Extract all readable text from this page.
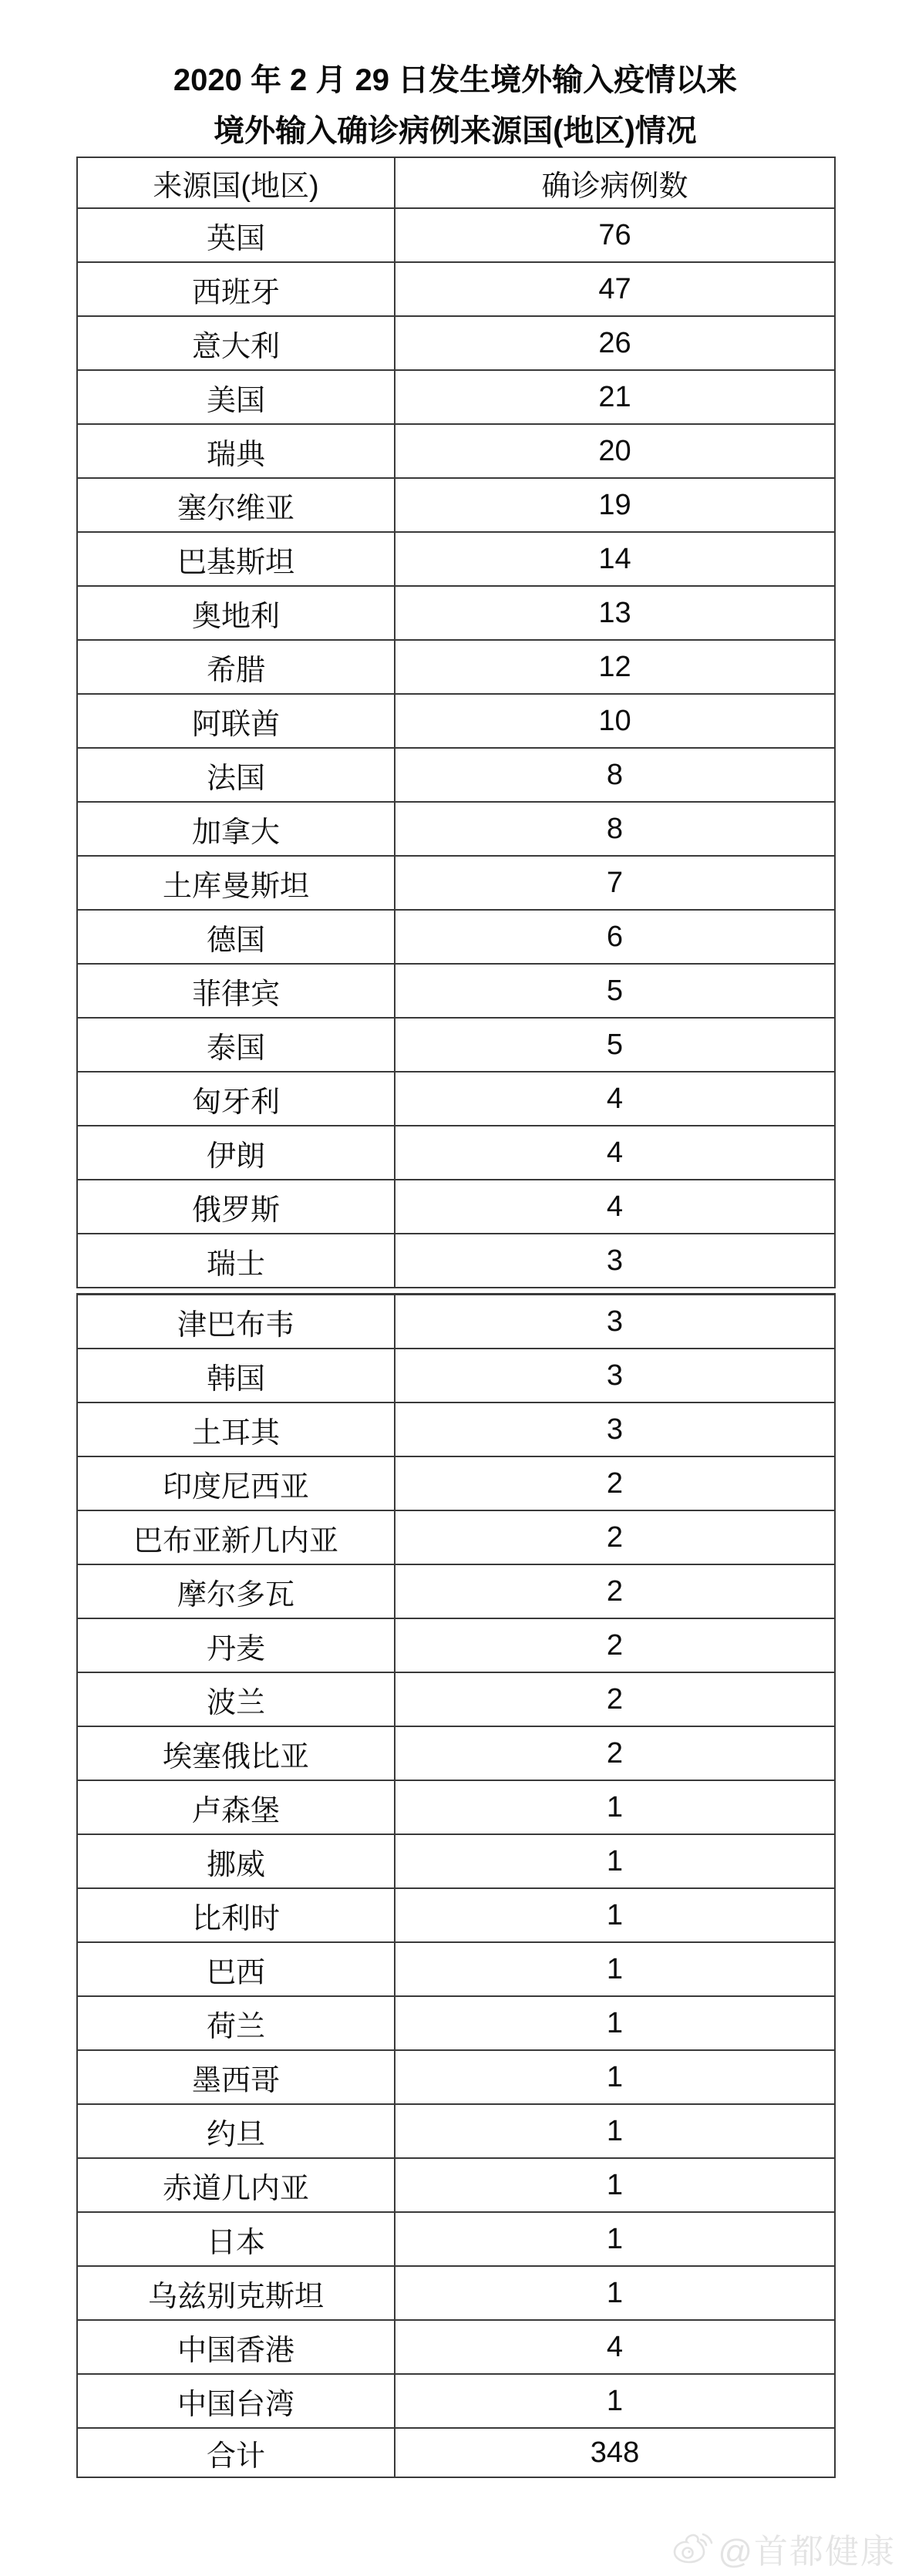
2020 年 2 月 29 日发生境外输入疫情以来
境外输入确诊病例来源国(地区)情况
来源国(地区)	确诊病例数
英国	76
西班牙	47
意大利	26
美国	21
瑞典	20
塞尔维亚	19
巴基斯坦	14
奥地利	13
希腊	12
阿联酋	10
法国	8
加拿大	8
土库曼斯坦	7
德国	6
菲律宾	5
泰国	5
匈牙利	4
伊朗	4
俄罗斯	4
瑞士	3
津巴布韦	3
韩国	3
土耳其	3
印度尼西亚	2
巴布亚新几内亚	2
摩尔多瓦	2
丹麦	2
波兰	2
埃塞俄比亚	2
卢森堡	1
挪威	1
比利时	1
巴西	1
荷兰	1
墨西哥	1
约旦	1
赤道几内亚	1
日本	1
乌兹别克斯坦	1
中国香港	4
中国台湾	1
合计	348
@首都健康
